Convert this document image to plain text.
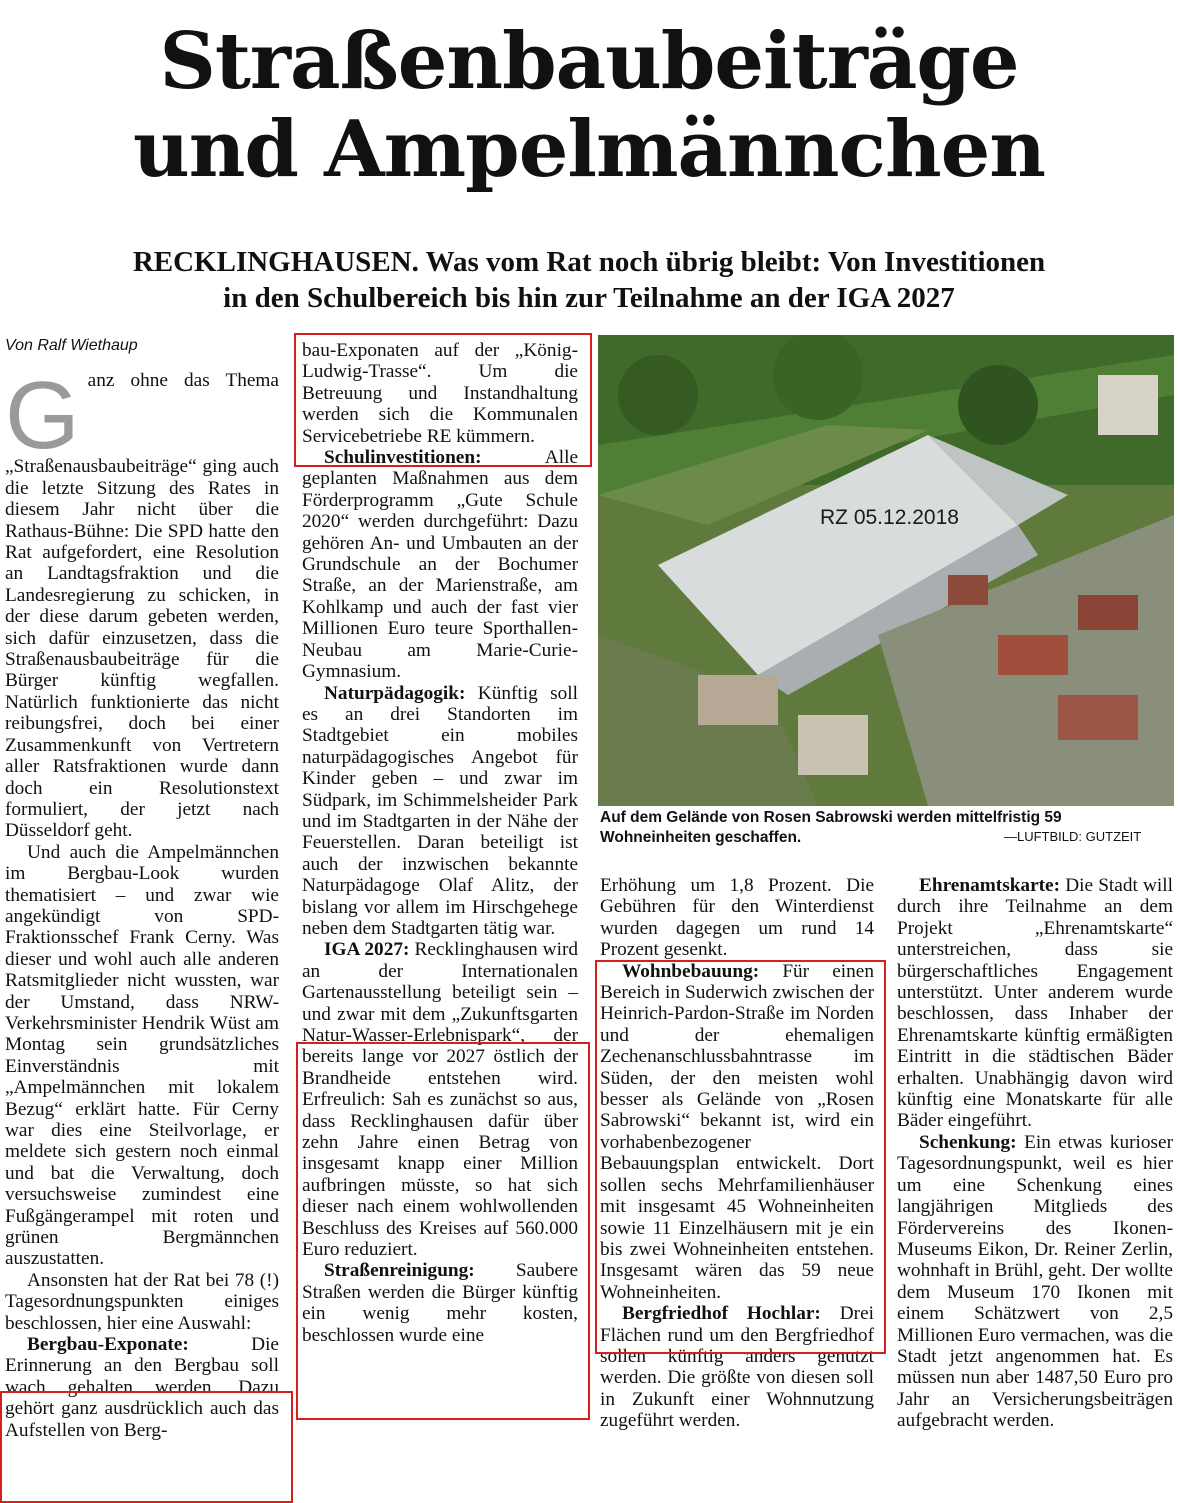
Straßenbaubeiträge
und Ampelmännchen
RECKLINGHAUSEN. Was vom Rat noch übrig bleibt: Von Investitionen
in den Schulbereich bis hin zur Teilnahme an der IGA 2027

Von Ralf Wiethaup

Ganz ohne das Thema „Straßenausbaubeiträge“ ging auch die letzte Sitzung des Rates in diesem Jahr nicht über die Rathaus-Bühne: Die SPD hatte den Rat aufgefordert, eine Resolution an Landtagsfraktion und die Landesregierung zu schicken, in der diese darum gebeten werden, sich dafür einzusetzen, dass die Straßenausbaubeiträge für die Bürger künftig wegfallen. Natürlich funktionierte das nicht reibungsfrei, doch bei einer Zusammenkunft von Vertretern aller Ratsfraktionen wurde dann doch ein Resolutionstext formuliert, der jetzt nach Düsseldorf geht.

Und auch die Ampelmännchen im Bergbau-Look wurden thematisiert – und zwar wie angekündigt von SPD-Fraktionsschef Frank Cerny. Was dieser und wohl auch alle anderen Ratsmitglieder nicht wussten, war der Umstand, dass NRW-Verkehrsminister Hendrik Wüst am Montag sein grundsätzliches Einverständnis mit „Ampelmännchen mit lokalem Bezug“ erklärt hatte. Für Cerny war dies eine Steilvorlage, er meldete sich gestern noch einmal und bat die Verwaltung, doch versuchsweise zumindest eine Fußgängerampel mit roten und grünen Bergmännchen auszustatten.

Ansonsten hat der Rat bei 78 (!) Tagesordnungspunkten einiges beschlossen, hier eine Auswahl:

Bergbau-Exponate: Die Erinnerung an den Bergbau soll wach gehalten werden. Dazu gehört ganz ausdrücklich auch das Aufstellen von Berg-

bau-Exponaten auf der „König-Ludwig-Trasse“. Um die Betreuung und Instandhaltung werden sich die Kommunalen Servicebetriebe RE kümmern.

Schulinvestitionen: Alle geplanten Maßnahmen aus dem Förderprogramm „Gute Schule 2020“ werden durchgeführt: Dazu gehören An- und Umbauten an der Grundschule an der Bochumer Straße, an der Marienstraße, am Kohlkamp und auch der fast vier Millionen Euro teure Sporthallen-Neubau am Marie-Curie-Gymnasium.

Naturpädagogik: Künftig soll es an drei Standorten im Stadtgebiet ein mobiles naturpädagogisches Angebot für Kinder geben – und zwar im Südpark, im Schimmelsheider Park und im Stadtgarten in der Nähe der Feuerstellen. Daran beteiligt ist auch der inzwischen bekannte Naturpädagoge Olaf Alitz, der bislang vor allem im Hirschgehege neben dem Stadtgarten tätig war.

IGA 2027: Recklinghausen wird an der Internationalen Gartenausstellung beteiligt sein – und zwar mit dem „Zukunftsgarten Natur-Wasser-Erlebnispark“, der bereits lange vor 2027 östlich der Brandheide entstehen wird. Erfreulich: Sah es zunächst so aus, dass Recklinghausen dafür über zehn Jahre einen Betrag von insgesamt knapp einer Million aufbringen müsste, so hat sich dieser nach einem wohlwollenden Beschluss des Kreises auf 560.000 Euro reduziert.

Straßenreinigung: Saubere Straßen werden die Bürger künftig ein wenig mehr kosten, beschlossen wurde eine

RZ 05.12.2018
Auf dem Gelände von Rosen Sabrowski werden mittelfristig 59 Wohneinheiten geschaffen.	—LUFTBILD: GUTZEIT

Erhöhung um 1,8 Prozent. Die Gebühren für den Winterdienst wurden dagegen um rund 14 Prozent gesenkt.

Wohnbebauung: Für einen Bereich in Suderwich zwischen der Heinrich-Pardon-Straße im Norden und der ehemaligen Zechenanschlussbahntrasse im Süden, der den meisten wohl besser als Gelände von „Rosen Sabrowski“ bekannt ist, wird ein vorhabenbezogener Bebauungsplan entwickelt. Dort sollen sechs Mehrfamilienhäuser mit insgesamt 45 Wohneinheiten sowie 11 Einzelhäusern mit je ein bis zwei Wohneinheiten entstehen. Insgesamt wären das 59 neue Wohneinheiten.

Bergfriedhof Hochlar: Drei Flächen rund um den Bergfriedhof sollen künftig anders genutzt werden. Die größte von diesen soll in Zukunft einer Wohnnutzung zugeführt werden.

Ehrenamtskarte: Die Stadt will durch ihre Teilnahme an dem Projekt „Ehrenamtskarte“ unterstreichen, dass sie bürgerschaftliches Engagement unterstützt. Unter anderem wurde beschlossen, dass Inhaber der Ehrenamtskarte künftig ermäßigten Eintritt in die städtischen Bäder erhalten. Unabhängig davon wird künftig eine Monatskarte für alle Bäder eingeführt.

Schenkung: Ein etwas kurioser Tagesordnungspunkt, weil es hier um eine Schenkung eines langjährigen Mitglieds des Fördervereins des Ikonen-Museums Eikon, Dr. Reiner Zerlin, wohnhaft in Brühl, geht. Der wollte dem Museum 170 Ikonen mit einem Schätzwert von 2,5 Millionen Euro vermachen, was die Stadt jetzt angenommen hat. Es müssen nun aber 1487,50 Euro pro Jahr an Versicherungsbeiträgen aufgebracht werden.
